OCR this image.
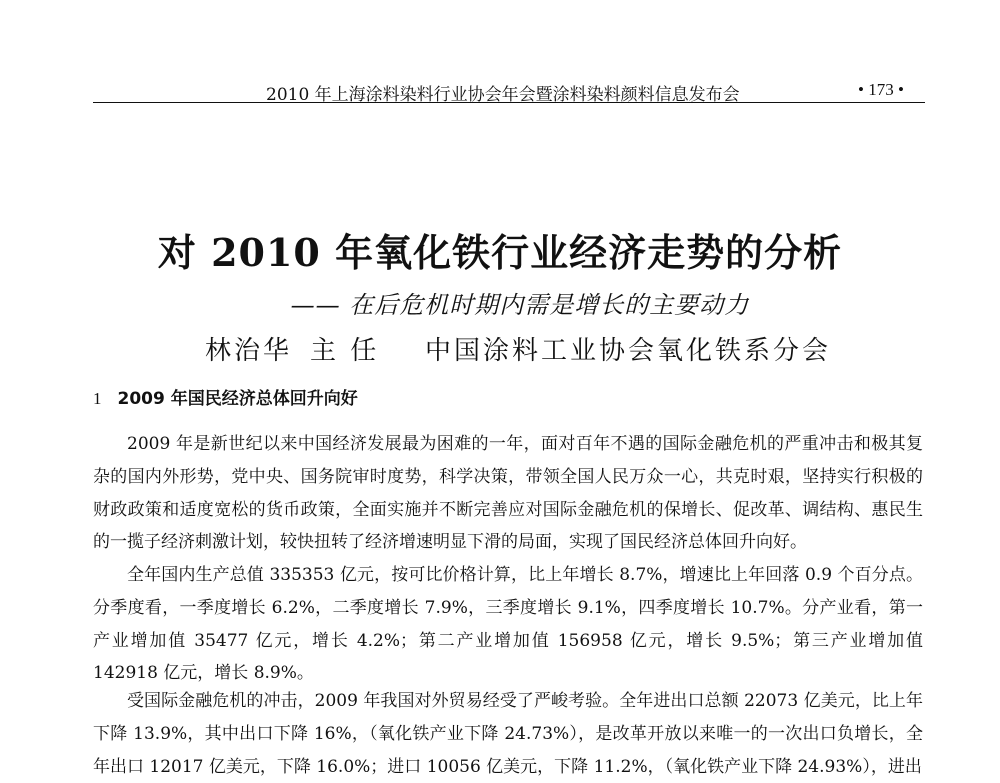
2010 年上海涂料染料行业协会年会暨涂料染料颜料信息发布会	• 173 •
对 2010 年氧化铁行业经济走势的分析
—— 在后危机时期内需是增长的主要动力
林治华 主 任 中国涂料工业协会氧化铁系分会
1 2009 年国民经济总体回升向好

2009 年是新世纪以来中国经济发展最为困难的一年，面对百年不遇的国际金融危机的严重冲击和极其复杂的国内外形势，党中央、国务院审时度势，科学决策，带领全国人民万众一心，共克时艰，坚持实行积极的财政政策和适度宽松的货币政策，全面实施并不断完善应对国际金融危机的保增长、促改革、调结构、惠民生的一揽子经济刺激计划，较快扭转了经济增速明显下滑的局面，实现了国民经济总体回升向好。

全年国内生产总值 335353 亿元，按可比价格计算，比上年增长 8.7%，增速比上年回落 0.9 个百分点。分季度看，一季度增长 6.2%，二季度增长 7.9%，三季度增长 9.1%，四季度增长 10.7%。分产业看，第一产业增加值 35477 亿元，增长 4.2%；第二产业增加值 156958 亿元，增长 9.5%；第三产业增加值 142918 亿元，增长 8.9%。

受国际金融危机的冲击，2009 年我国对外贸易经受了严峻考验。全年进出口总额 22073 亿美元，比上年下降 13.9%，其中出口下降 16%，（氧化铁产业下降 24.73%），是改革开放以来唯一的一次出口负增长，全年出口 12017 亿美元，下降 16.0%；进口 10056 亿美元，下降 11.2%，（氧化铁产业下降 24.93%），进出
